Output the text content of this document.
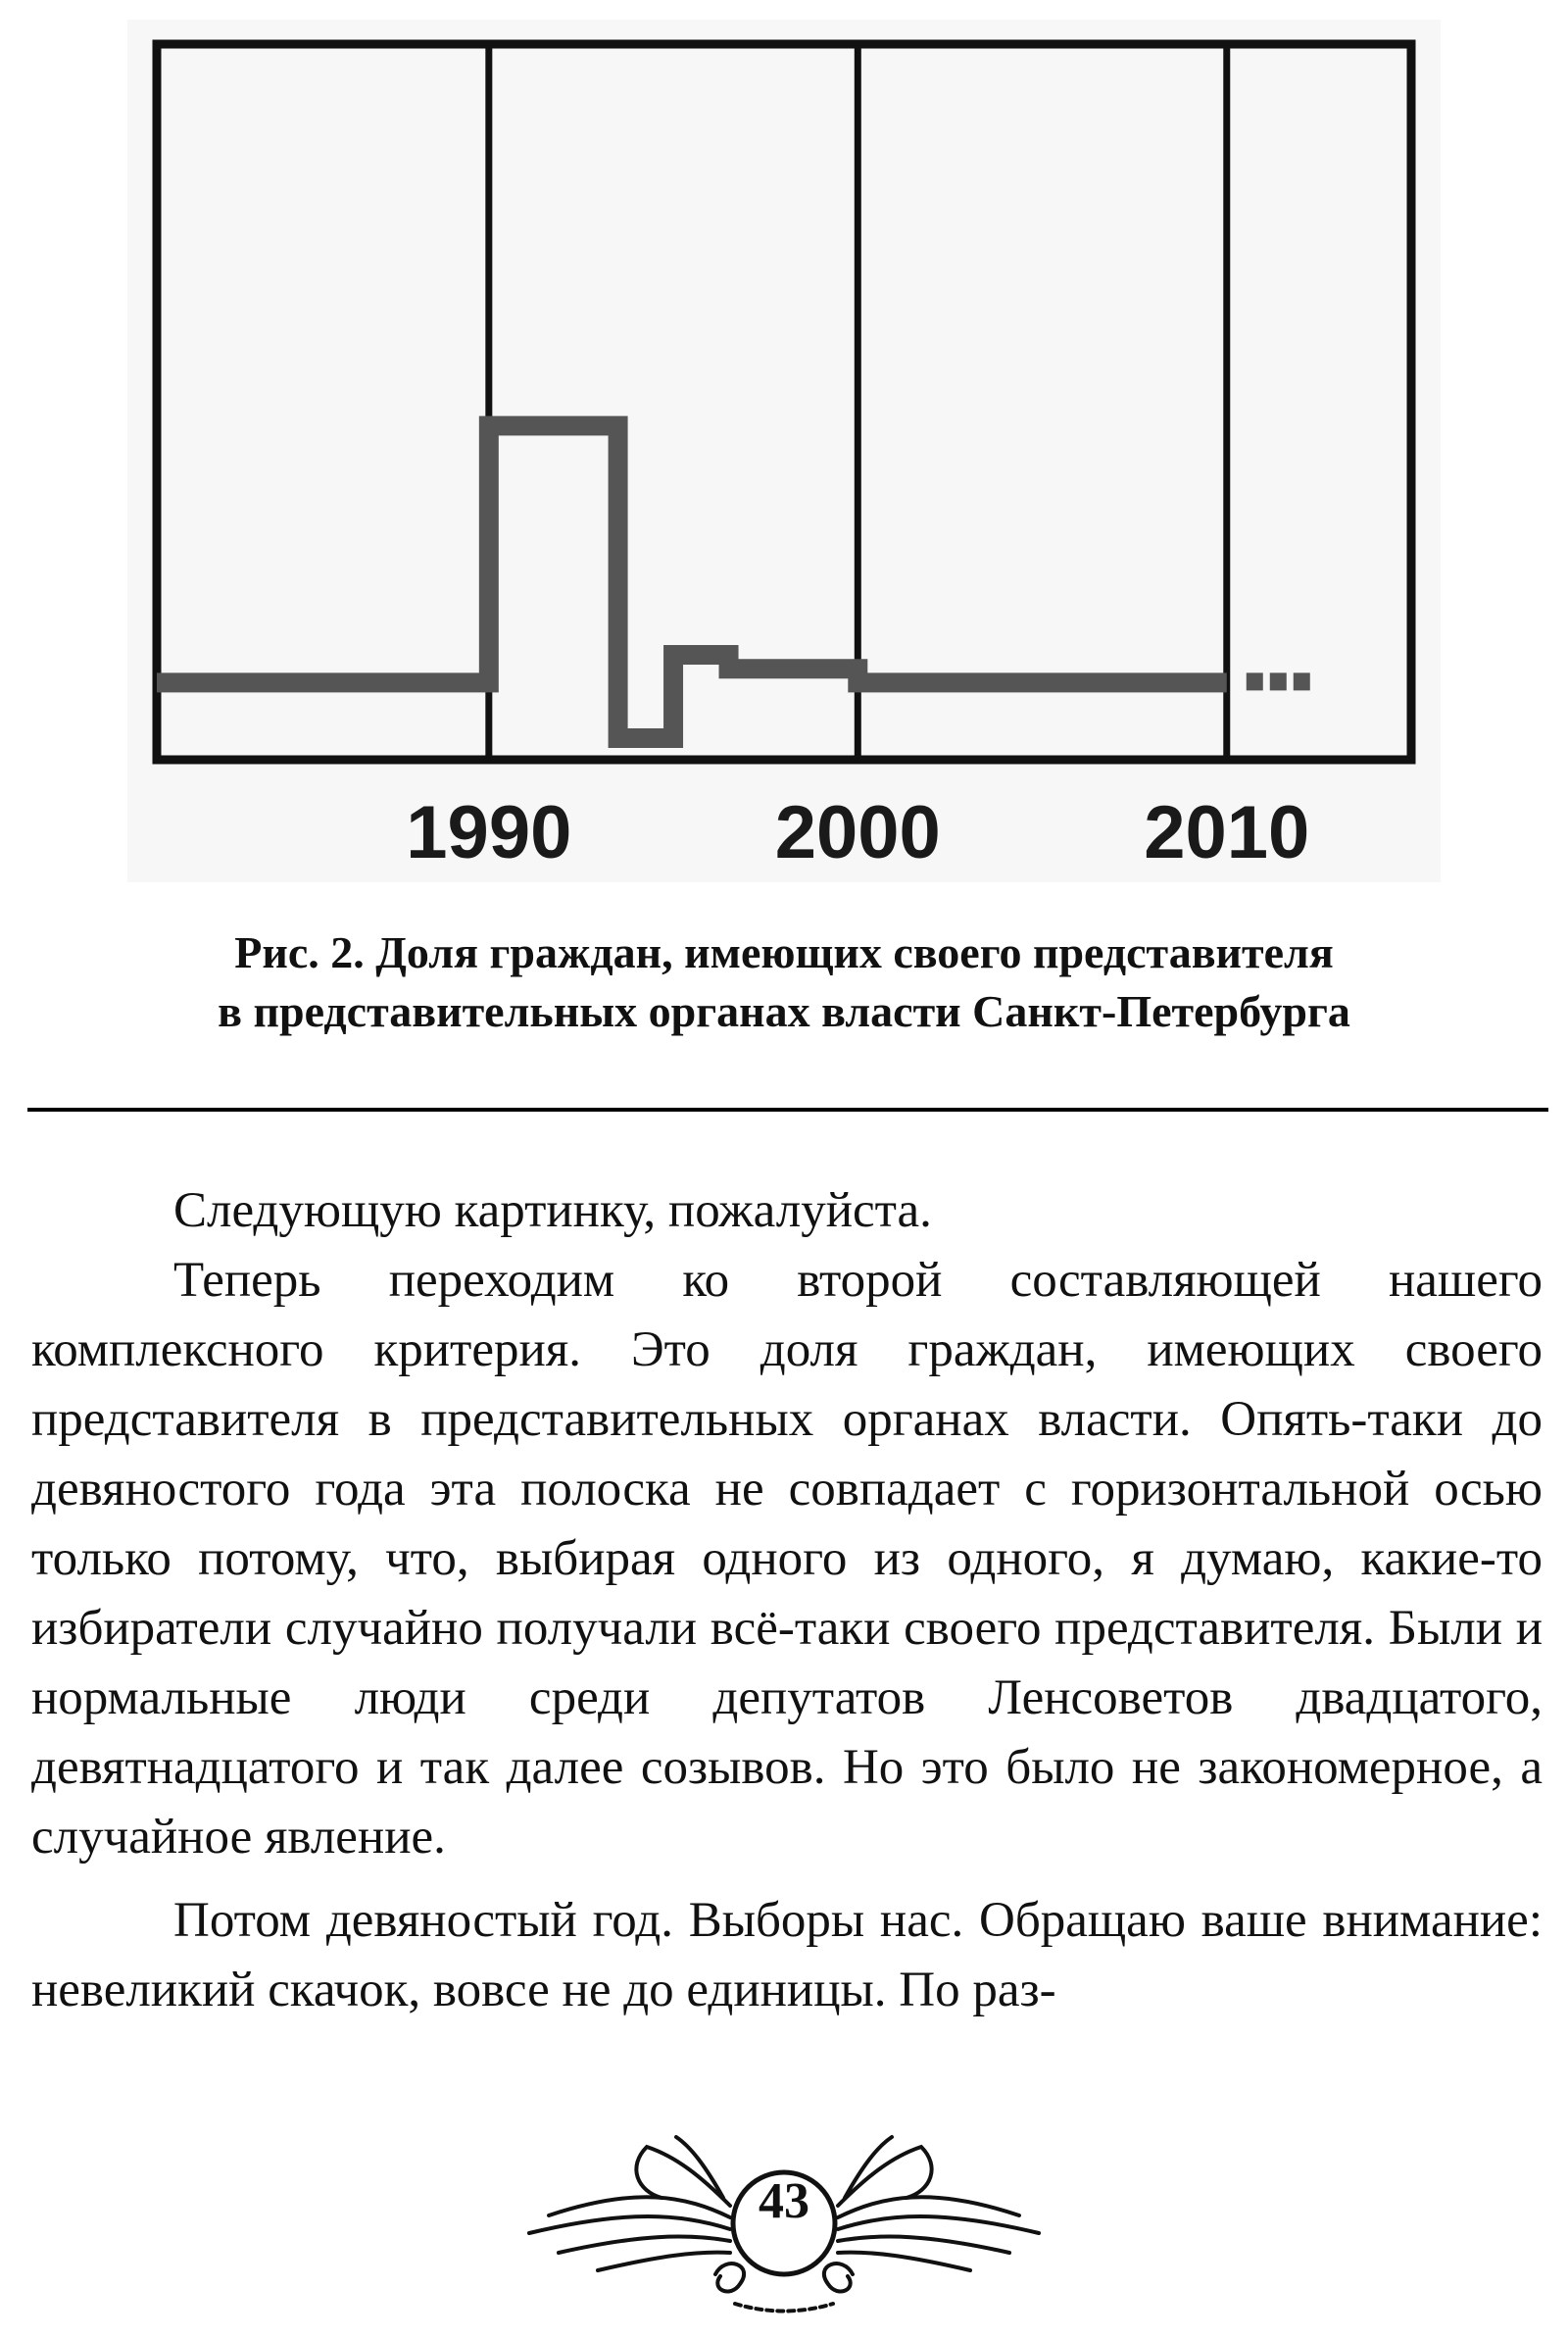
1990	2000	2010
Рис. 2. Доля граждан, имеющих своего представителя
в представительных органах власти Санкт-Петербурга

Следующую картинку, пожалуйста.

Теперь переходим ко второй составляющей нашего комплексного критерия. Это доля граждан, имеющих своего представителя в представительных органах власти. Опять-таки до девяностого года эта полоска не совпадает с горизонтальной осью только потому, что, выбирая одного из одного, я думаю, какие-то избиратели случайно получали всё-таки своего представителя. Были и нормальные люди среди депутатов Ленсоветов двадцатого, девятнадцатого и так далее созывов. Но это было не закономерное, а случайное явление.

Потом девяностый год. Выборы нас. Обращаю ваше внимание: невеликий скачок, вовсе не до единицы. По раз-

43
